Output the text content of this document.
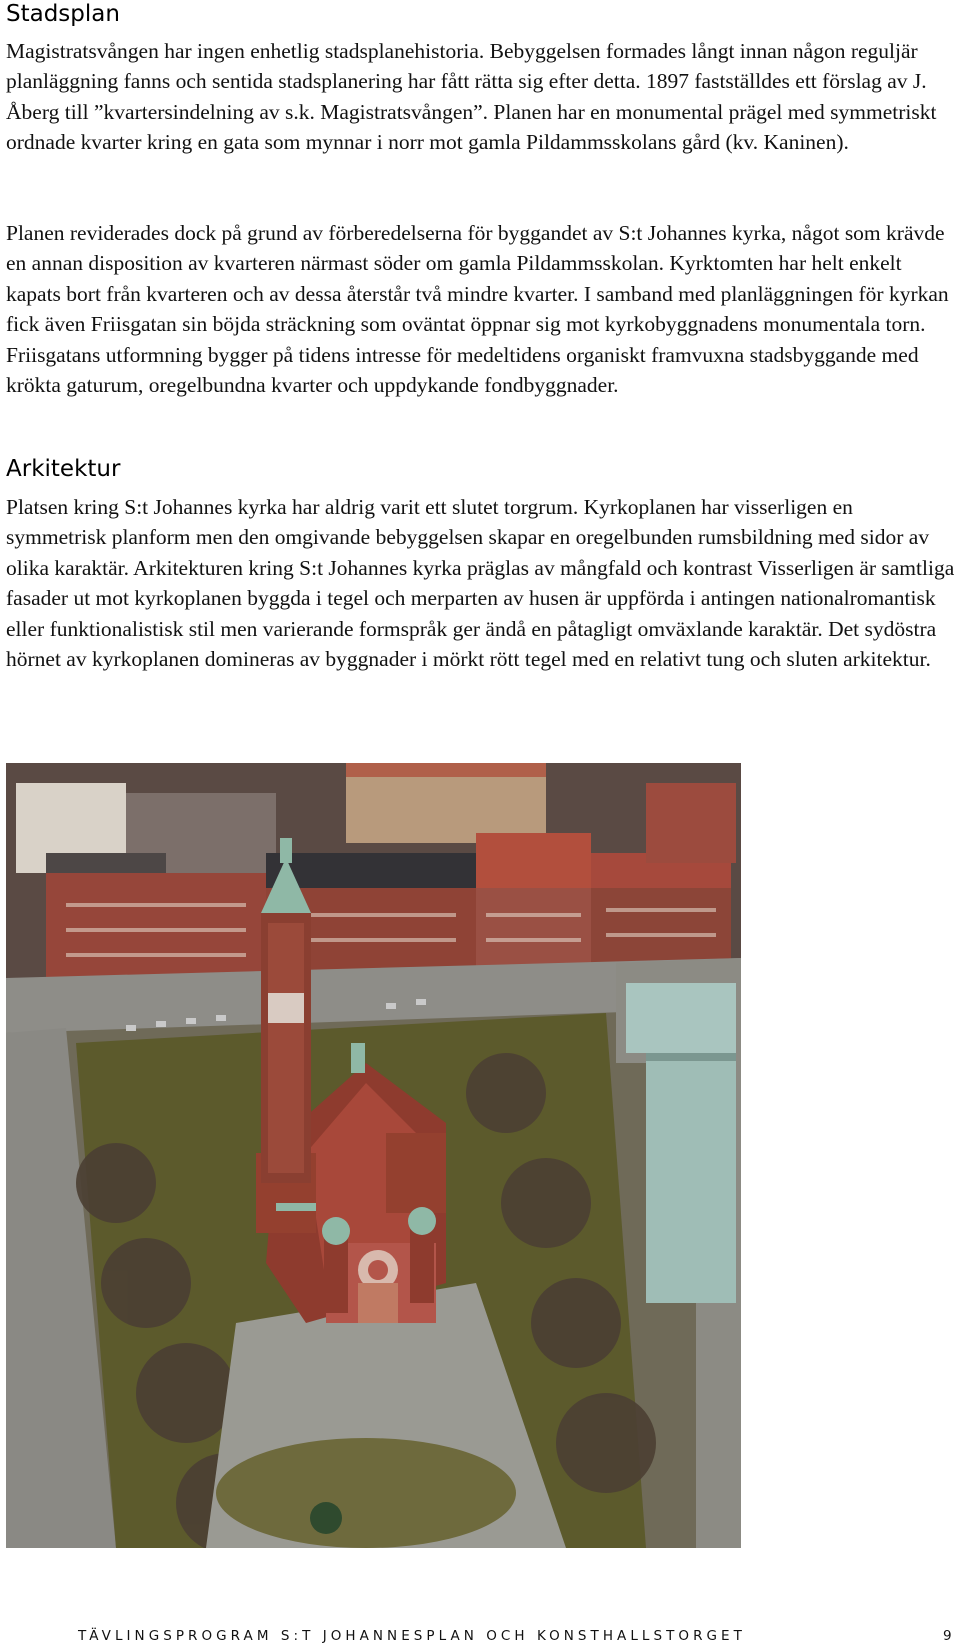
Stadsplan

Magistratsvången har ingen enhetlig stadsplanehistoria. Bebyggelsen formades långt innan någon reguljär planläggning fanns och sentida stadsplanering har fått rätta sig efter detta. 1897 fastställdes ett förslag av J. Åberg till ”kvartersindelning av s.k. Magistratsvången”. Planen har en monumental prägel med symmetriskt ordnade kvarter kring en gata som mynnar i norr mot gamla Pildammsskolans gård (kv. Kaninen).

Planen reviderades dock på grund av förberedelserna för byggandet av S:t Johannes kyrka, något som krävde en annan disposition av kvarteren närmast söder om gamla Pildammsskolan. Kyrktomten har helt enkelt kapats bort från kvarteren och av dessa återstår två mindre kvarter. I samband med planläggningen för kyrkan fick även Friisgatan sin böjda sträckning som oväntat öppnar sig mot kyrkobyggnadens monumentala torn. Friisgatans utformning bygger på tidens intresse för medeltidens organiskt framvuxna stadsbyggande med krökta gaturum, oregelbundna kvarter och uppdykande fondbyggnader.

Arkitektur

Platsen kring S:t Johannes kyrka har aldrig varit ett slutet torgrum. Kyrkoplanen har visserligen en symmetrisk planform men den omgivande bebyggelsen skapar en oregelbunden rumsbildning med sidor av olika karaktär. Arkitekturen kring S:t Johannes kyrka präglas av mångfald och kontrast Visserligen är samtliga fasader ut mot kyrkoplanen byggda i tegel och merparten av husen är uppförda i antingen nationalromantisk eller funktionalistisk stil men varierande formspråk ger ändå en påtagligt omväxlande karaktär. Det sydöstra hörnet av kyrkoplanen domineras av byggnader i mörkt rött tegel med en relativt tung och sluten arkitektur.

TÄVLINGSPROGRAM S:T JOHANNESPLAN OCH KONSTHALLSTORGET	9
